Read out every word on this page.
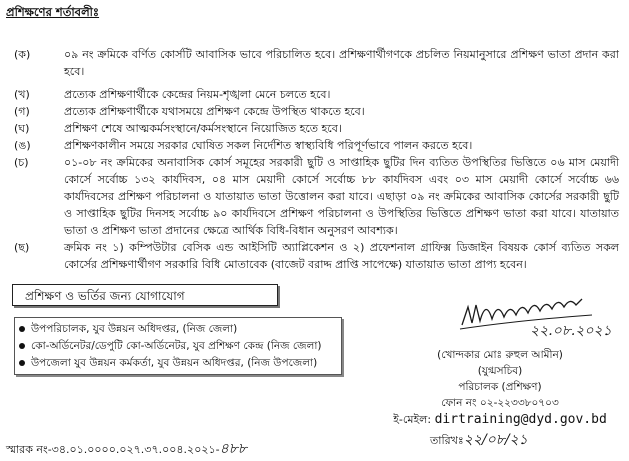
প্রশিক্ষণের শর্তাবলীঃ
(ক)	০৯ নং ক্রমিকে বর্ণিত কোর্সটি আবাসিক ভাবে পরিচালিত হবে। প্রশিক্ষণার্থীগণকে প্রচলিত নিয়মানুসারে প্রশিক্ষণ ভাতা প্রদান করা হবে।
(খ)	প্রত্যেক প্রশিক্ষণার্থীকে কেন্দ্রের নিয়ম-শৃঙ্খলা মেনে চলতে হবে।
(গ)	প্রত্যেক প্রশিক্ষণার্থীকে যথাসময়ে প্রশিক্ষণ কেন্দ্রে উপস্থিত থাকতে হবে।
(ঘ)	প্রশিক্ষণ শেষে আত্মকর্মসংস্থানে/কর্মসংস্থানে নিয়োজিত হতে হবে।
(ঙ)	প্রশিক্ষণকালীন সময়ে সরকার ঘোষিত সকল নির্দেশিত স্বাস্থ্যবিধি পরিপূর্ণভাবে পালন করতে হবে।
(চ)	০১-০৮ নং ক্রমিকের অনাবাসিক কোর্স সমূহের সরকারী ছুটি ও সাপ্তাহিক ছুটির দিন ব্যতিত উপস্থিতির ভিত্তিতে ০৬ মাস মেয়াদী কোর্সে সর্বোচ্চ ১৩২ কার্যদিবস, ০৪ মাস মেয়াদী কোর্সে সর্বোচ্চ ৮৮ কার্যদিবস এবং ০৩ মাস মেয়াদী কোর্সে সর্বোচ্চ ৬৬ কার্যদিবসের প্রশিক্ষণ পরিচালনা ও যাতায়াত ভাতা উত্তোলন করা যাবে। এছাড়া ০৯ নং ক্রমিকের আবাসিক কোর্সের সরকারী ছুটি ও সাপ্তাহিক ছুটির দিনসহ সর্বোচ্চ ৯০ কার্যদিবসে প্রশিক্ষণ পরিচালনা ও উপস্থিতির ভিত্তিতে প্রশিক্ষণ ভাতা করা যাবে। যাতায়াত ভাতা ও প্রশিক্ষণ ভাতা প্রদানের ক্ষেত্রে আর্থিক বিধি-বিধান অনুসরণ আবশ্যক।
(ছ)	ক্রমিক নং ১) কম্পিউটার বেসিক এন্ড আইসিটি অ্যাপ্লিকেশন ও ২) প্রফেশনাল গ্রাফিক্স ডিজাইন বিষয়ক কোর্স ব্যতিত সকল কোর্সের প্রশিক্ষণার্থীগণ সরকারি বিধি মোতাবেক (বাজেট বরাদ্দ প্রাপ্তি সাপেক্ষে) যাতায়াত ভাতা প্রাপ্য হবেন।
প্রশিক্ষণ ও ভর্তির জন্য যোগাযোগ
উপপরিচালক, যুব উন্নয়ন অধিদপ্তর, (নিজ জেলা)
কো-অর্ডিনেটর/ডেপুটি কো-অর্ডিনেটর, যুব প্রশিক্ষণ কেন্দ্র (নিজ জেলা)
উপজেলা যুব উন্নয়ন কর্মকর্তা, যুব উন্নয়ন অধিদপ্তর, (নিজ উপজেলা)
২২.০৮.২০২১
(খোন্দকার মোঃ রুহুল আমীন)
(যুগ্মসচিব)
পরিচালক (প্রশিক্ষণ)
ফোন নং ০২-২২৩৩৮০৭০৩
ই-মেইল: dirtraining@dyd.gov.bd
তারিখঃ২২/০৮/২১
স্মারক নং-৩৪.০১.০০০০.০২৭.৩৭.০০৪.২০২১-৪৮৮
